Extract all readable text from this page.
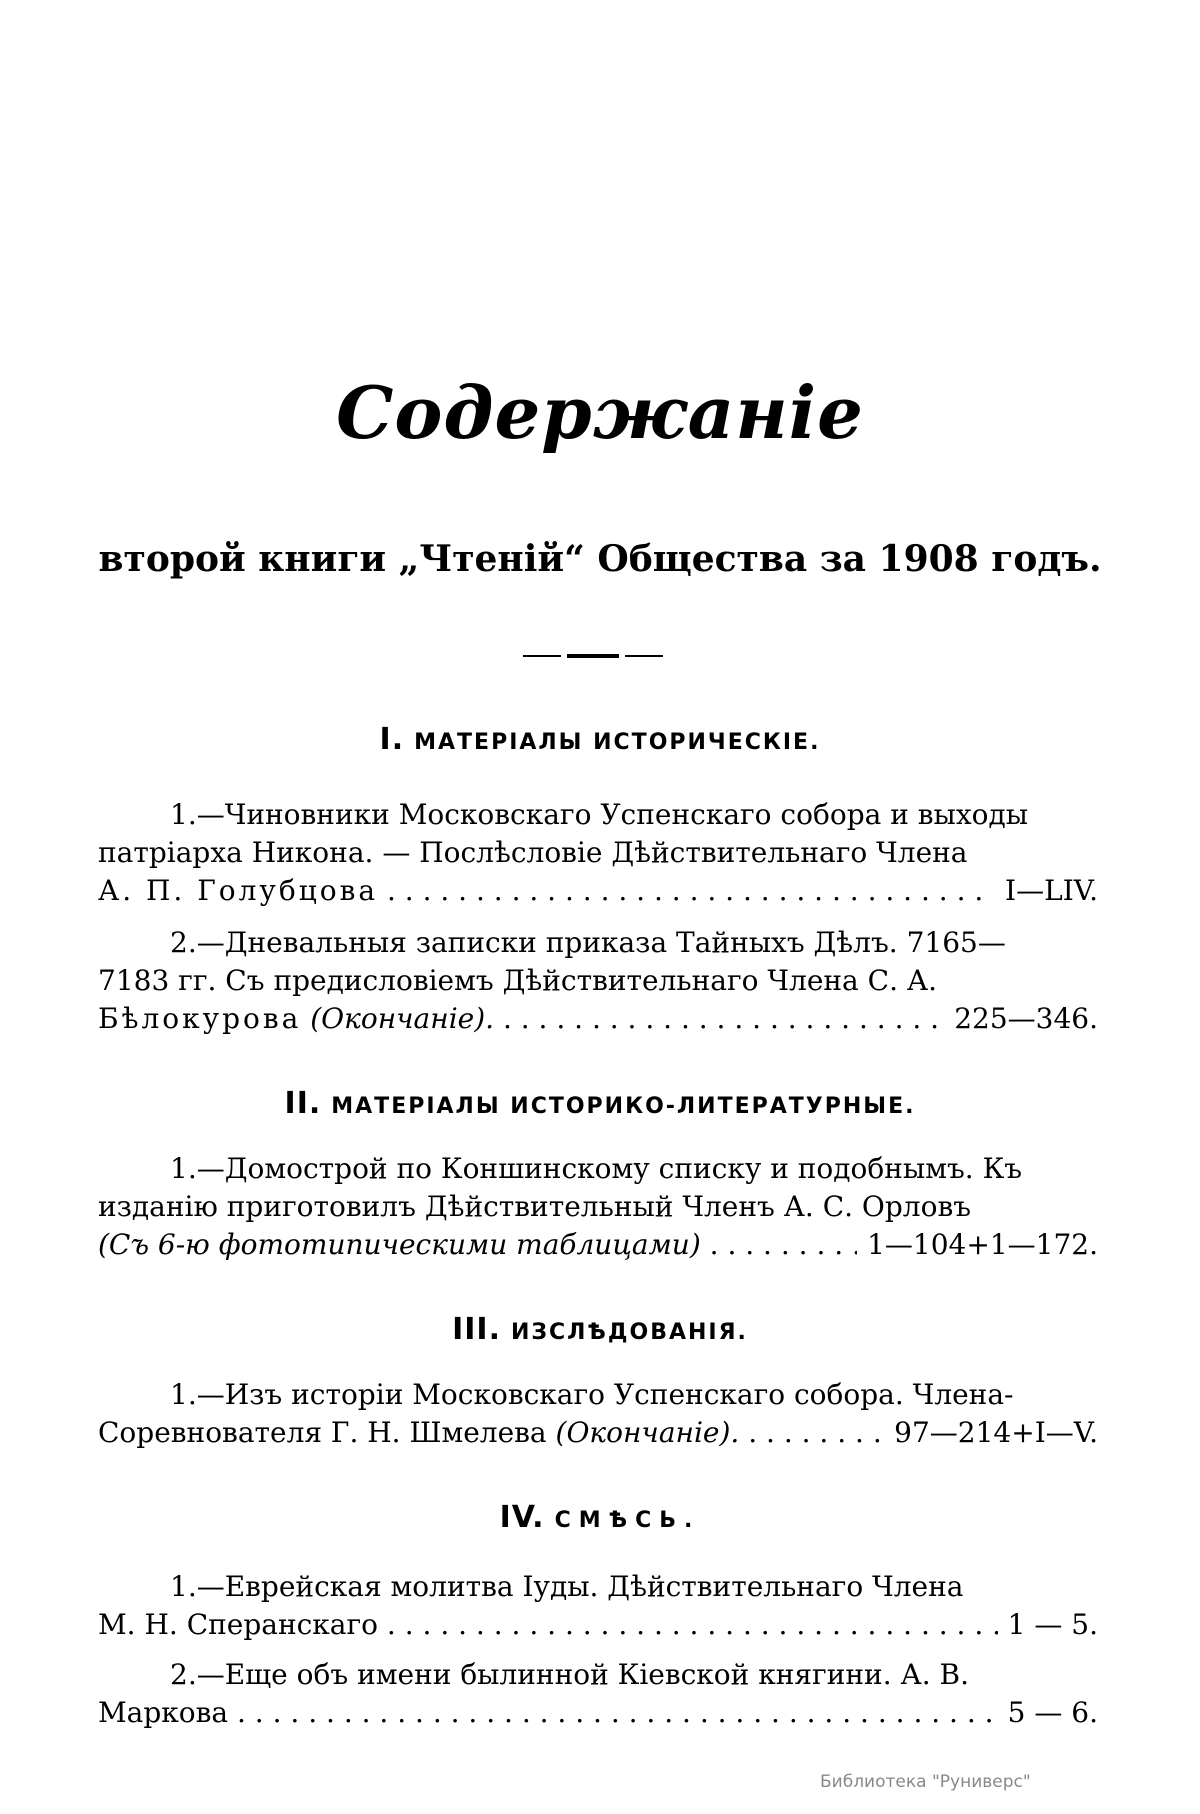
Содержаніе
второй книги „Чтеній“ Общества за 1908 годъ.
I. МАТЕРІАЛЫ ИСТОРИЧЕСКІЕ.
1.—Чиновники Московскаго Успенскаго собора и выходы
патріарха Никона. — Послѣсловіе Дѣйствительнаго Члена
А. П. Голубцова . . .	I—LIV.
2.—Дневальныя записки приказа Тайныхъ Дѣлъ. 7165—
7183 гг. Съ предисловіемъ Дѣйствительнаго Члена С. А.
Бѣлокурова (Окончаніе). . . .	225—346.
II. МАТЕРІАЛЫ ИСТОРИКО-ЛИТЕРАТУРНЫЕ.
1.—Домострой по Коншинскому списку и подобнымъ. Къ
изданію приготовилъ Дѣйствительный Членъ А. С. Орловъ
(Съ 6-ю фототипическими таблицами) . . .	1—104+1—172.
III. ИЗСЛѢДОВАНІЯ.
1.—Изъ исторіи Московскаго Успенскаго собора. Члена-
Соревнователя Г. Н. Шмелева (Окончаніе). . . .	97—214+I—V.
IV. СМѢСЬ.
1.—Еврейская молитва Іуды. Дѣйствительнаго Члена
М. Н. Сперанскаго . . .	1 — 5.
2.—Еще объ имени былинной Кіевской княгини. А. В.
Маркова . . .	5 — 6.
Библиотека "Руниверс"
